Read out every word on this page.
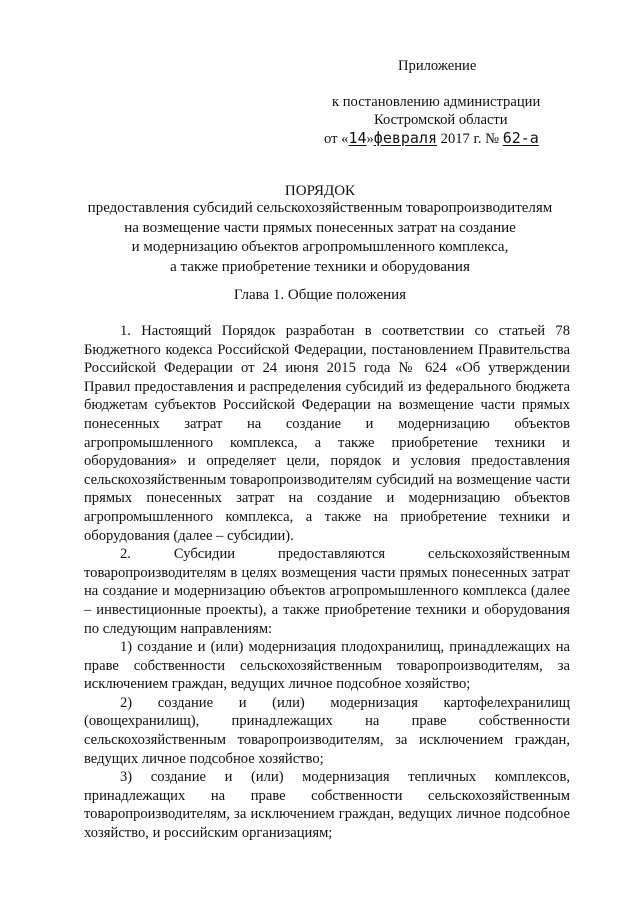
Приложение
к постановлению администрации
Костромской области
от «14»февраля 2017 г. № 62-а
ПОРЯДОК
предоставления субсидий сельскохозяйственным товаропроизводителям
на возмещение части прямых понесенных затрат на создание
и модернизацию объектов агропромышленного комплекса,
а также приобретение техники и оборудования
Глава 1. Общие положения

1. Настоящий Порядок разработан в соответствии со статьей 78 Бюджетного кодекса Российской Федерации, постановлением Правительства Российской Федерации от 24 июня 2015 года № 624 «Об утверждении Правил предоставления и распределения субсидий из федерального бюджета бюджетам субъектов Российской Федерации на возмещение части прямых понесенных затрат на создание и модернизацию объектов агропромышленного комплекса, а также приобретение техники и оборудования» и определяет цели, порядок и условия предоставления сельскохозяйственным товаропроизводителям субсидий на возмещение части прямых понесенных затрат на создание и модернизацию объектов агропромышленного комплекса, а также на приобретение техники и оборудования (далее – субсидии).

2. Субсидии предоставляются сельскохозяйственным товаропроизводителям в целях возмещения части прямых понесенных затрат на создание и модернизацию объектов агропромышленного комплекса (далее – инвестиционные проекты), а также приобретение техники и оборудования по следующим направлениям:

1) создание и (или) модернизация плодохранилищ, принадлежащих на праве собственности сельскохозяйственным товаропроизводителям, за исключением граждан, ведущих личное подсобное хозяйство;

2) создание и (или) модернизация картофелехранилищ (овощехранилищ), принадлежащих на праве собственности сельскохозяйственным товаропроизводителям, за исключением граждан, ведущих личное подсобное хозяйство;

3) создание и (или) модернизация тепличных комплексов, принадлежащих на праве собственности сельскохозяйственным товаропроизводителям, за исключением граждан, ведущих личное подсобное хозяйство, и российским организациям;
